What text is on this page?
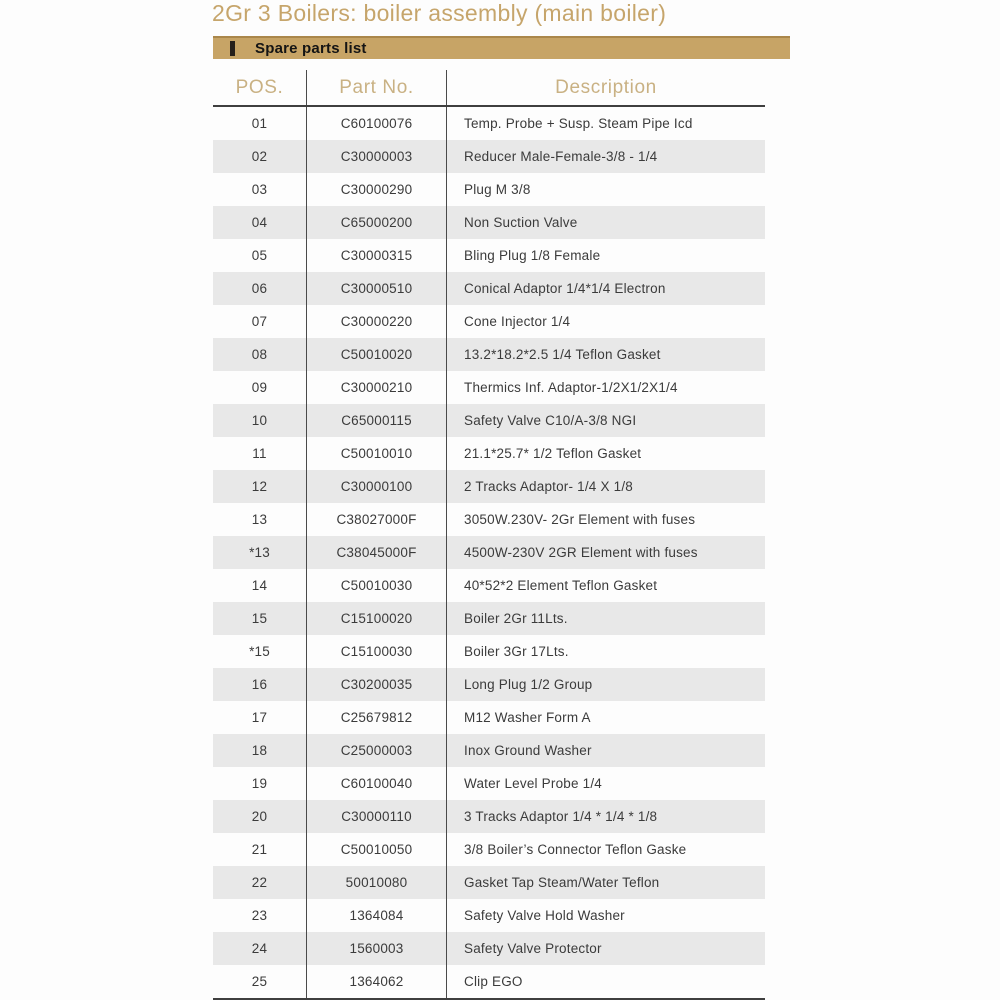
2Gr 3 Boilers: boiler assembly (main boiler)
Spare parts list
POS.	Part No.	Description
01	C60100076	Temp. Probe + Susp. Steam Pipe Icd
02	C30000003	Reducer Male-Female-3/8 - 1/4
03	C30000290	Plug M 3/8
04	C65000200	Non Suction Valve
05	C30000315	Bling Plug 1/8 Female
06	C30000510	Conical Adaptor 1/4*1/4 Electron
07	C30000220	Cone Injector 1/4
08	C50010020	13.2*18.2*2.5 1/4 Teflon Gasket
09	C30000210	Thermics Inf. Adaptor-1/2X1/2X1/4
10	C65000115	Safety Valve C10/A-3/8 NGI
11	C50010010	21.1*25.7* 1/2 Teflon Gasket
12	C30000100	2 Tracks Adaptor- 1/4 X 1/8
13	C38027000F	3050W.230V- 2Gr Element with fuses
*13	C38045000F	4500W-230V 2GR Element with fuses
14	C50010030	40*52*2 Element Teflon Gasket
15	C15100020	Boiler 2Gr 11Lts.
*15	C15100030	Boiler 3Gr 17Lts.
16	C30200035	Long Plug 1/2 Group
17	C25679812	M12 Washer Form A
18	C25000003	Inox Ground Washer
19	C60100040	Water Level Probe 1/4
20	C30000110	3 Tracks Adaptor 1/4 * 1/4 * 1/8
21	C50010050	3/8 Boiler’s Connector Teflon Gaske
22	50010080	Gasket Tap Steam/Water Teflon
23	1364084	Safety Valve Hold Washer
24	1560003	Safety Valve Protector
25	1364062	Clip EGO
